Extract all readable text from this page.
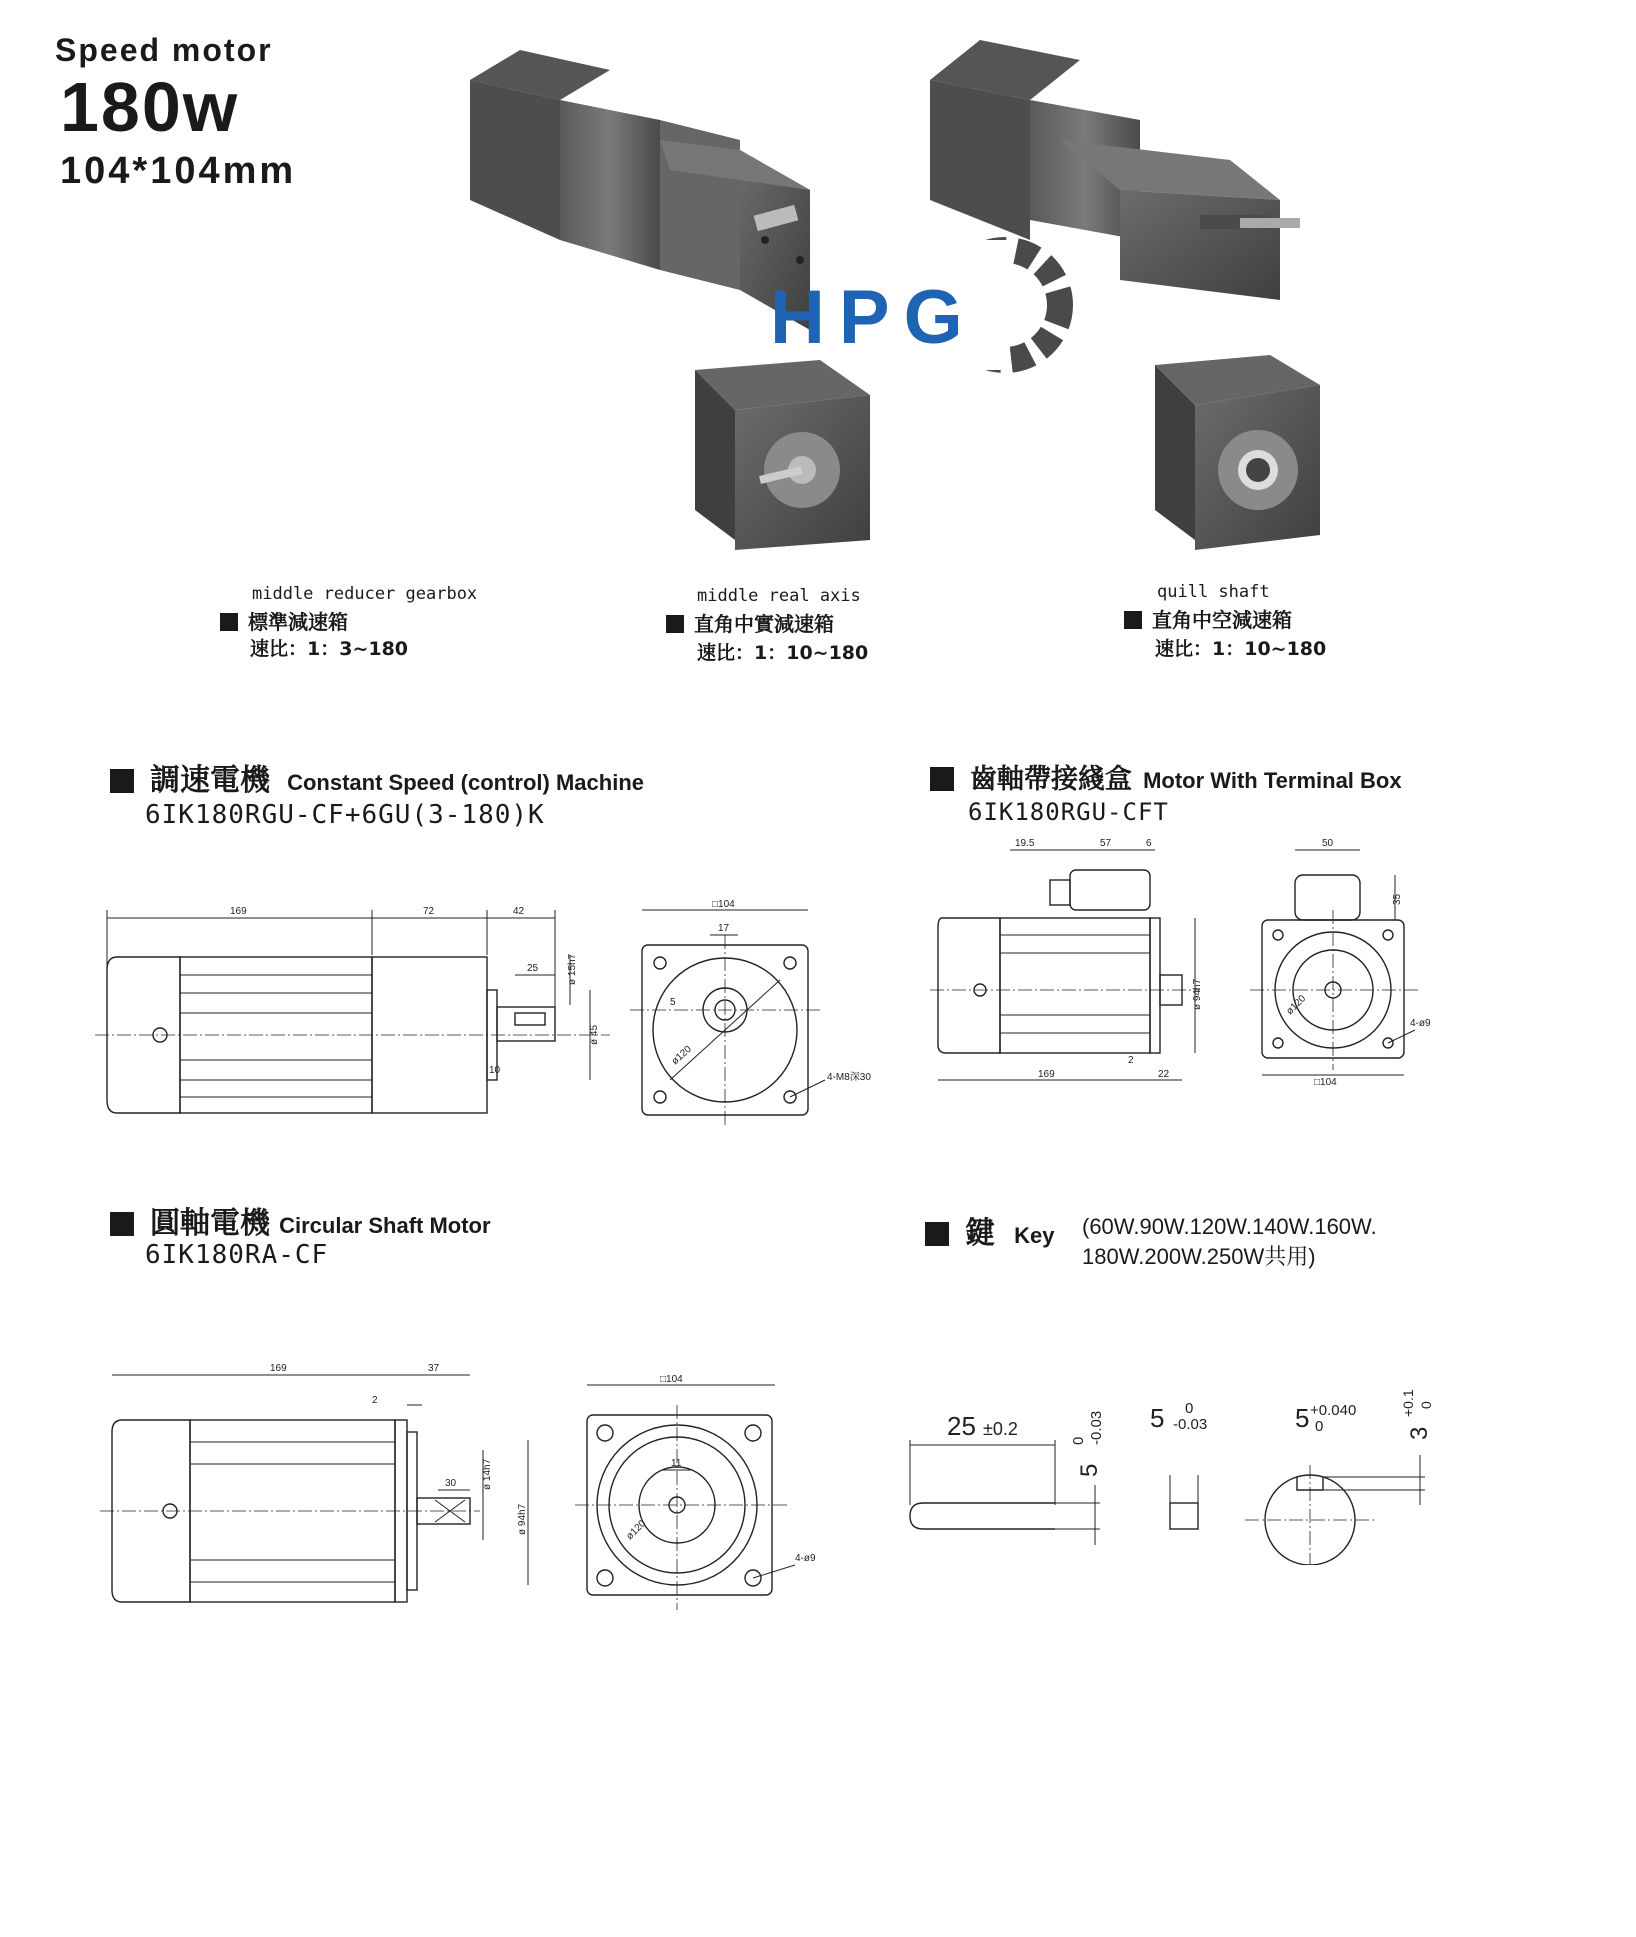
Speed motor
180w
104*104mm
HPG
middle reducer gearbox
標準減速箱
速比：1：3~180
middle real axis
直角中實減速箱
速比：1：10~180
quill shaft
直角中空減速箱
速比：1：10~180
調速電機 Constant Speed (control) Machine
6IK180RGU-CF+6GU(3-180)K
齒軸帶接綫盒 Motor With Terminal Box
6IK180RGU-CFT
圓軸電機 Circular Shaft Motor
6IK180RA-CF
鍵 Key (60W.90W.120W.140W.160W.
180W.200W.250W共用)
169	72	42
25	ø 15h7
ø 45
10
□104
17
5
ø120
4-M8深30
19.5	57	6
ø 94h7
2
169	22
50
35
ø120
4-ø9
□104
169	37
2
30	ø 14h7
ø 94h7
□104
11
ø120
4-ø9
25 ±0.2
5
0 -0.03 5 0
-0.03	5 +0.040
0	3
+0.1 0
